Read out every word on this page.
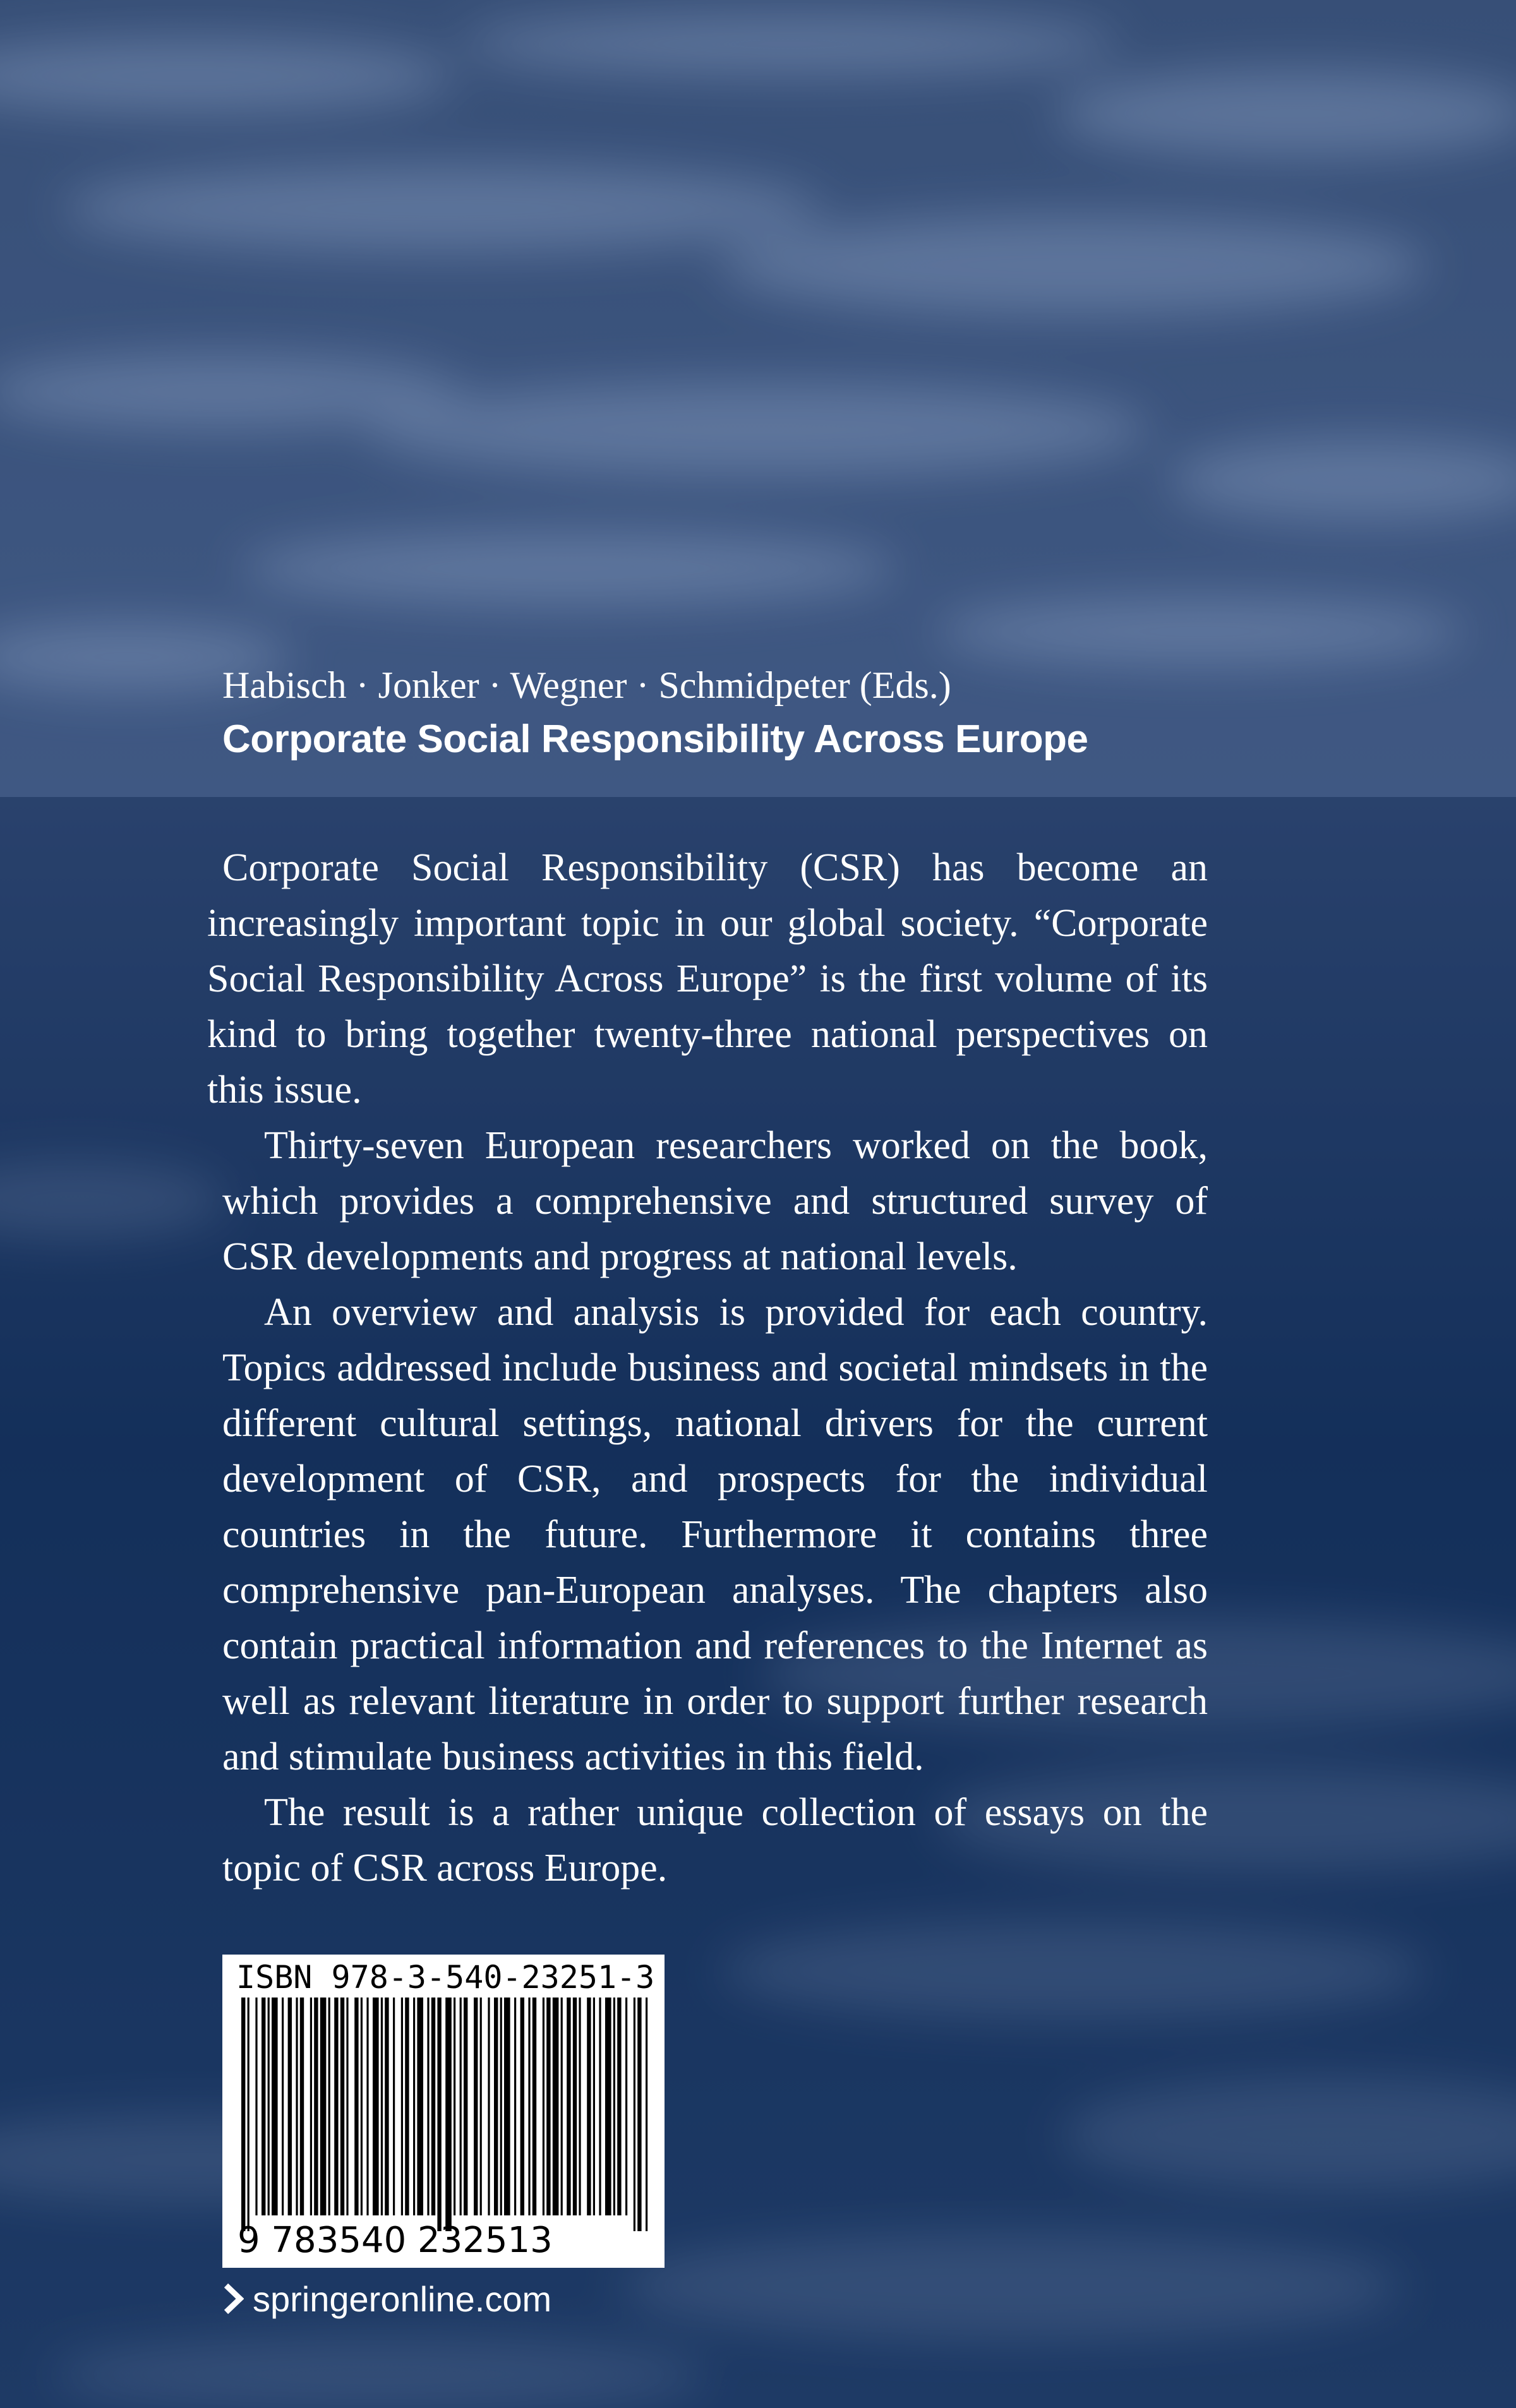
Habisch · Jonker · Wegner · Schmidpeter (Eds.)
Corporate Social Responsibility Across Europe

Corporate Social Responsibility (CSR) has become an increasingly important topic in our global society. “Corporate Social Responsibility Across Europe” is the first volume of its kind to bring together twenty-three national perspectives on this issue.

Thirty-seven European researchers worked on the book, which provides a comprehensive and structured survey of CSR developments and progress at national levels.

An overview and analysis is provided for each country. Topics addressed include business and societal mindsets in the different cultural settings, national drivers for the current development of CSR, and prospects for the individual countries in the future. Furthermore it contains three comprehensive pan-European analyses. The chapters also contain practical information and references to the Internet as well as relevant literature in order to support further research and stimulate business activities in this field.

The result is a rather unique collection of essays on the topic of CSR across Europe.

ISBN 978-3-540-23251-3
9 783540 232513
springeronline.com
